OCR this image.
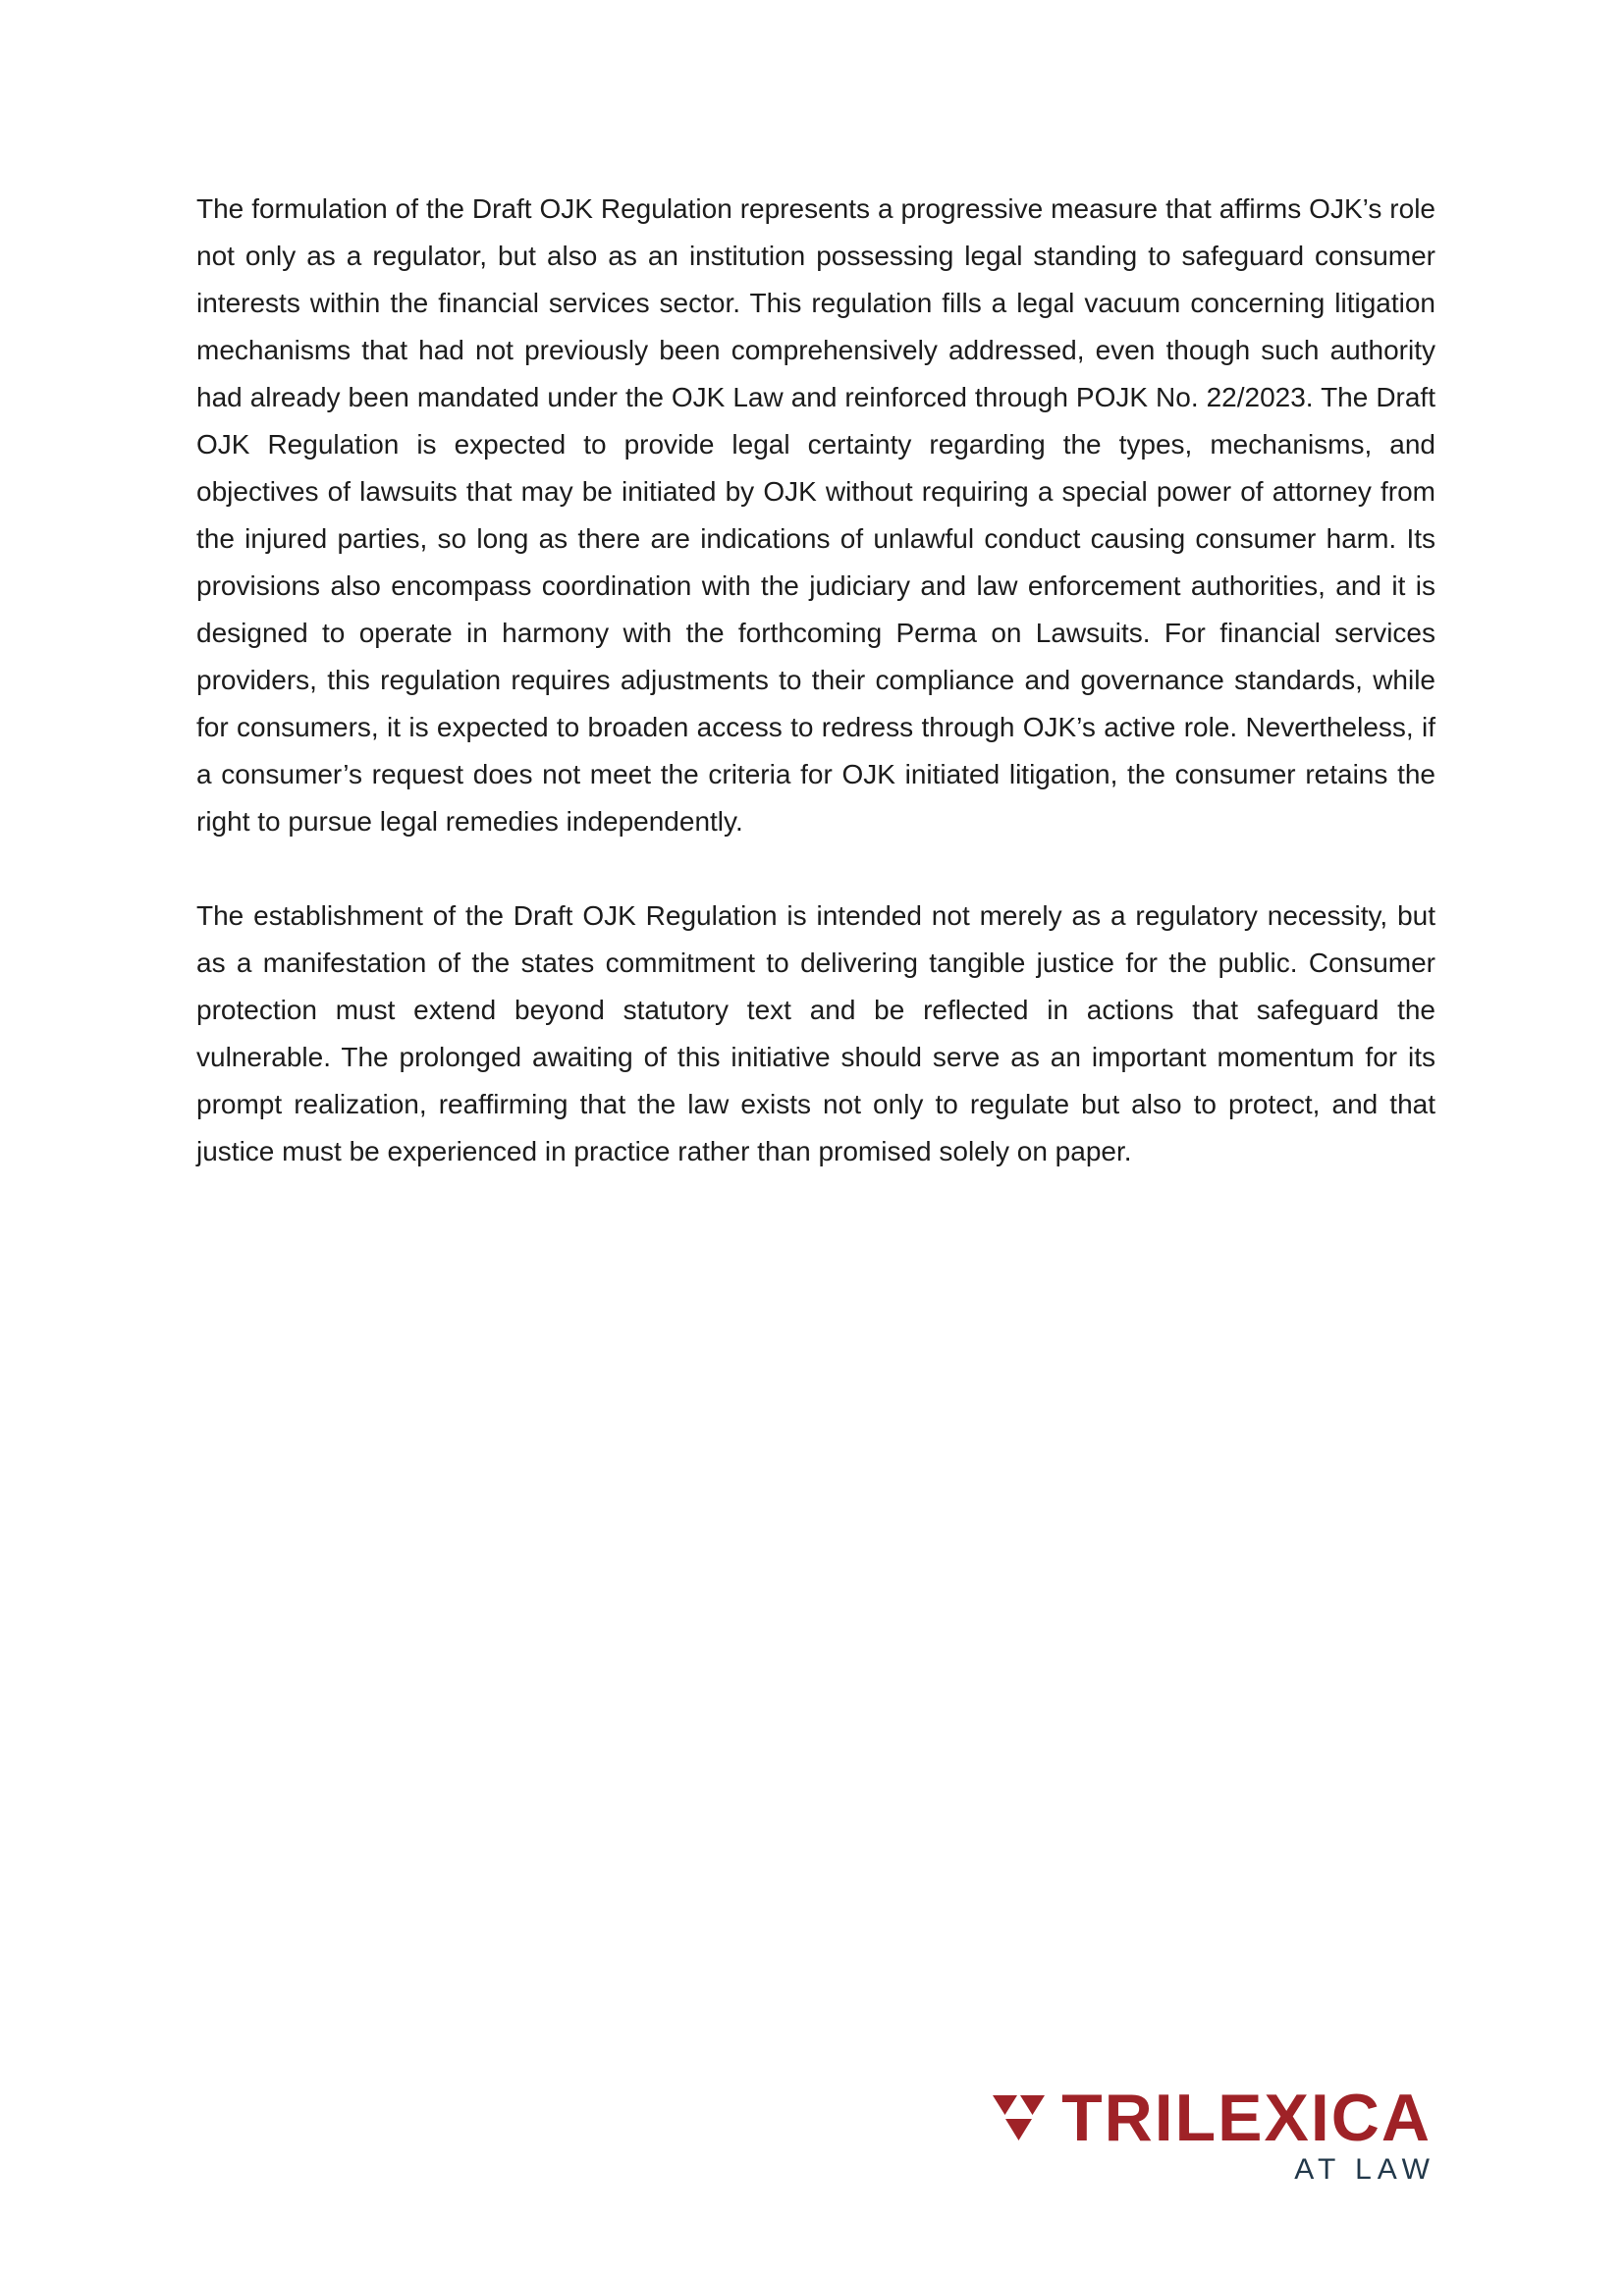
The formulation of the Draft OJK Regulation represents a progressive measure that affirms OJK’s role not only as a regulator, but also as an institution possessing legal standing to safeguard consumer interests within the financial services sector. This regulation fills a legal vacuum concerning litigation mechanisms that had not previously been comprehensively addressed, even though such authority had already been mandated under the OJK Law and reinforced through POJK No. 22/2023. The Draft OJK Regulation is expected to provide legal certainty regarding the types, mechanisms, and objectives of lawsuits that may be initiated by OJK without requiring a special power of attorney from the injured parties, so long as there are indications of unlawful conduct causing consumer harm. Its provisions also encompass coordination with the judiciary and law enforcement authorities, and it is designed to operate in harmony with the forthcoming Perma on Lawsuits. For financial services providers, this regulation requires adjustments to their compliance and governance standards, while for consumers, it is expected to broaden access to redress through OJK’s active role. Nevertheless, if a consumer’s request does not meet the criteria for OJK initiated litigation, the consumer retains the right to pursue legal remedies independently.

The establishment of the Draft OJK Regulation is intended not merely as a regulatory necessity, but as a manifestation of the states commitment to delivering tangible justice for the public. Consumer protection must extend beyond statutory text and be reflected in actions that safeguard the vulnerable. The prolonged awaiting of this initiative should serve as an important momentum for its prompt realization, reaffirming that the law exists not only to regulate but also to protect, and that justice must be experienced in practice rather than promised solely on paper.

TRILEXICA
AT LAW
